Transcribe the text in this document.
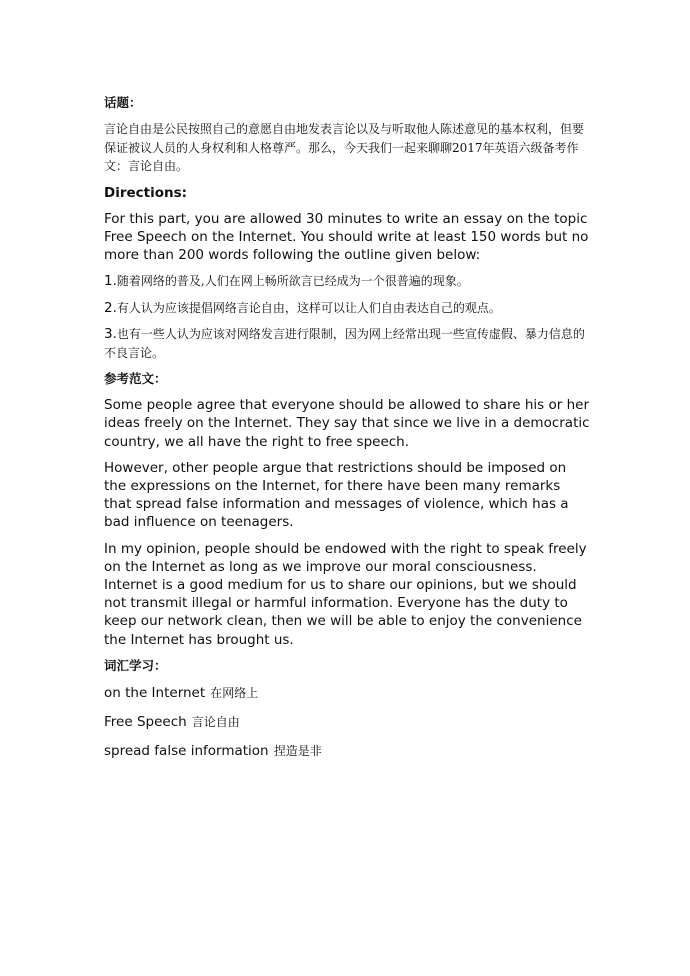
话题：
言论自由是公民按照自己的意愿自由地发表言论以及与听取他人陈述意见的基本权利，但要保证被议人员的人身权利和人格尊严。那么，今天我们一起来聊聊2017年英语六级备考作文：言论自由。
Directions:
For this part, you are allowed 30 minutes to write an essay on the topic Free Speech on the Internet. You should write at least 150 words but no more than 200 words following the outline given below:
1.随着网络的普及,人们在网上畅所欲言已经成为一个很普遍的现象。
2.有人认为应该提倡网络言论自由，这样可以让人们自由表达自己的观点。
3.也有一些人认为应该对网络发言进行限制，因为网上经常出现一些宣传虚假、暴力信息的不良言论。
参考范文：
Some people agree that everyone should be allowed to share his or her ideas freely on the Internet. They say that since we live in a democratic country, we all have the right to free speech.
However, other people argue that restrictions should be imposed on the expressions on the Internet, for there have been many remarks that spread false information and messages of violence, which has a bad influence on teenagers.
In my opinion, people should be endowed with the right to speak freely on the Internet as long as we improve our moral consciousness. Internet is a good medium for us to share our opinions, but we should not transmit illegal or harmful information. Everyone has the duty to keep our network clean, then we will be able to enjoy the convenience the Internet has brought us.
词汇学习：
on the Internet 在网络上
Free Speech 言论自由
spread false information 捏造是非
